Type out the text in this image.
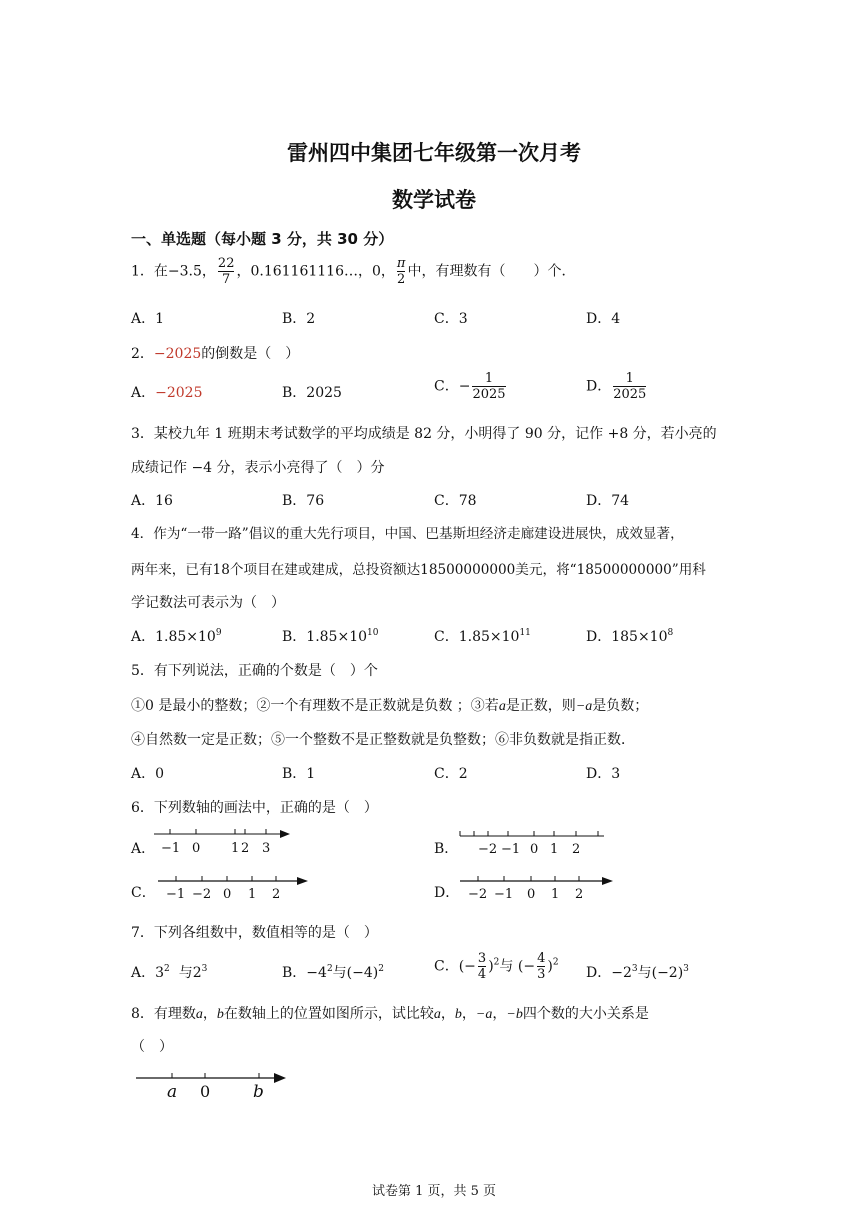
雷州四中集团七年级第一次月考
数学试卷
一、单选题（每小题 3 分，共 30 分）
1．在−3.5， $\frac{22}{7}$ ，0.161161116…，0， $\frac{\pi}{2}$ 中，有理数有（　　）个．
A．1	B．2	C．3	D．4
2．−2025的倒数是（　）
A．−2025	B．2025	C．− $\frac{1}{2025}$	D． $\frac{1}{2025}$
3．某校九年 1 班期末考试数学的平均成绩是 82 分，小明得了 90 分，记作 +8 分，若小亮的
成绩记作 −4 分，表示小亮得了（　）分
A．16	B．76	C．78	D．74
4．作为“一带一路”倡议的重大先行项目，中国、巴基斯坦经济走廊建设进展快，成效显著，
两年来，已有18个项目在建或建成，总投资额达18500000000美元，将“18500000000”用科
学记数法可表示为（　）
A．$1.85\times 10^9$	B．$1.85\times 10^{10}$	C．$1.85\times 10^{11}$	D．$185\times 10^8$
5．有下列说法，正确的个数是（　）个
①0 是最小的整数；②一个有理数不是正数就是负数 ；③若a是正数，则−a是负数；
④自然数一定是正数；⑤一个整数不是正整数就是负整数；⑥非负数就是指正数．
A．0	B．1	C．2	D．3
6．下列数轴的画法中，正确的是（　）
A． −1 0 1 2 3	B． −2 −1 0 1 2
C． −1 −2 0 1 2	D． −2 −1 0 1 2
7．下列各组数中，数值相等的是（　）
A．$3^2$ 与$2^3$	B．$-4^2$与$(-4)^2$	C．(− $\frac{3}{4} )^2$与 (− $\frac{4}{3} )^2$
D．$-2^3$与$(-2)^3$
8．有理数a，b在数轴上的位置如图所示，试比较a，b，−a，−b四个数的大小关系是
（　）
a 0	b
试卷第 1 页，共 5 页
